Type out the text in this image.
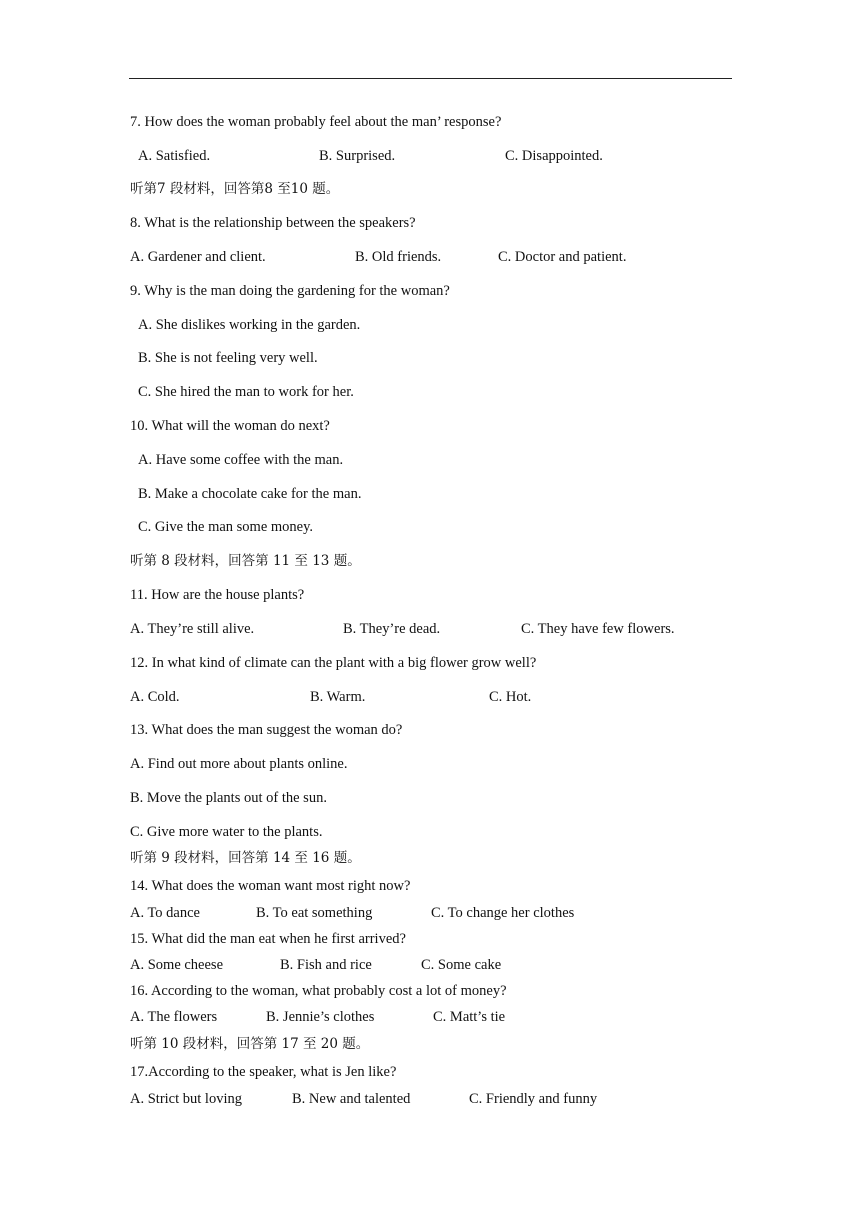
7. How does the woman probably feel about the man’ response?
A. Satisfied.	B. Surprised.	C. Disappointed.
听第7 段材料，回答第8 至10 题。
8. What is the relationship between the speakers?
A. Gardener and client.	B. Old friends.	C. Doctor and patient.
9. Why is the man doing the gardening for the woman?
A. She dislikes working in the garden.
B. She is not feeling very well.
C. She hired the man to work for her.
10. What will the woman do next?
A. Have some coffee with the man.
B. Make a chocolate cake for the man.
C. Give the man some money.
听第 8 段材料，回答第 11 至 13 题。
11. How are the house plants?
A. They’re still alive.	B. They’re dead.	C. They have few flowers.
12. In what kind of climate can the plant with a big flower grow well?
A. Cold.	B. Warm.	C. Hot.
13. What does the man suggest the woman do?
A. Find out more about plants online.
B. Move the plants out of the sun.
C. Give more water to the plants.
听第 9 段材料，回答第 14 至 16 题。
14. What does the woman want most right now?
A. To dance	B. To eat something	C. To change her clothes
15. What did the man eat when he first arrived?
A. Some cheese	B. Fish and rice	C. Some cake
16. According to the woman, what probably cost a lot of money?
A. The flowers	B. Jennie’s clothes	C. Matt’s tie
听第 10 段材料，回答第 17 至 20 题。
17.According to the speaker, what is Jen like?
A. Strict but loving	B. New and talented	C. Friendly and funny
